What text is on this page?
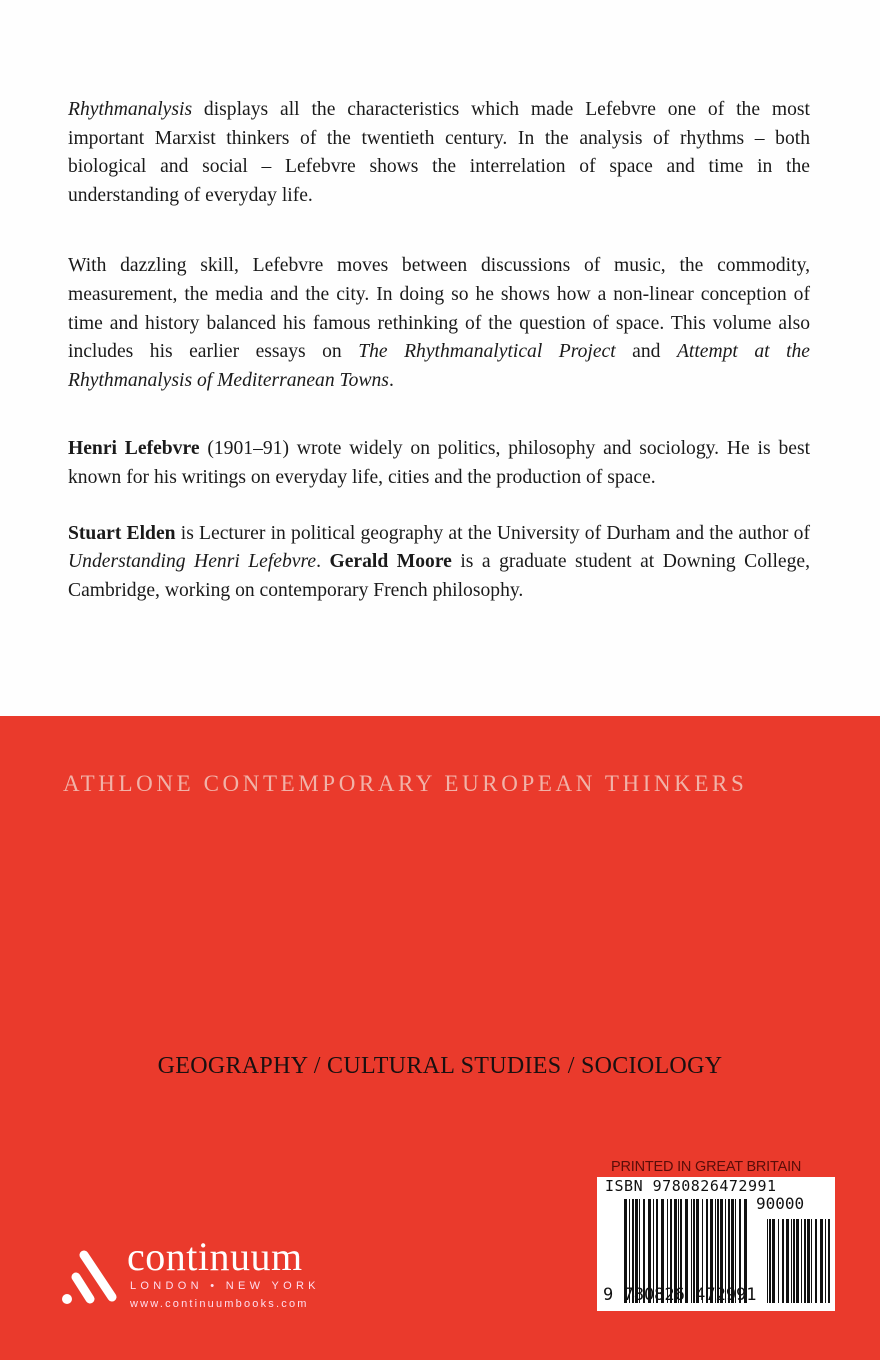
Rhythmanalysis displays all the characteristics which made Lefebvre one of the most important Marxist thinkers of the twentieth century. In the analysis of rhythms – both biological and social – Lefebvre shows the interrelation of space and time in the understanding of everyday life.

With dazzling skill, Lefebvre moves between discussions of music, the commodity, measurement, the media and the city. In doing so he shows how a non-linear conception of time and history balanced his famous rethinking of the question of space. This volume also includes his earlier essays on The Rhythmanalytical Project and Attempt at the Rhythmanalysis of Mediterranean Towns.

Henri Lefebvre (1901–91) wrote widely on politics, philosophy and sociology. He is best known for his writings on everyday life, cities and the production of space.

Stuart Elden is Lecturer in political geography at the University of Durham and the author of Understanding Henri Lefebvre. Gerald Moore is a graduate student at Downing College, Cambridge, working on contemporary French philosophy.

ATHLONE CONTEMPORARY EUROPEAN THINKERS
GEOGRAPHY / CULTURAL STUDIES / SOCIOLOGY
PRINTED IN GREAT BRITAIN
ISBN 9780826472991
90000
9 780826 472991
continuum
LONDON • NEW YORK
www.continuumbooks.com
